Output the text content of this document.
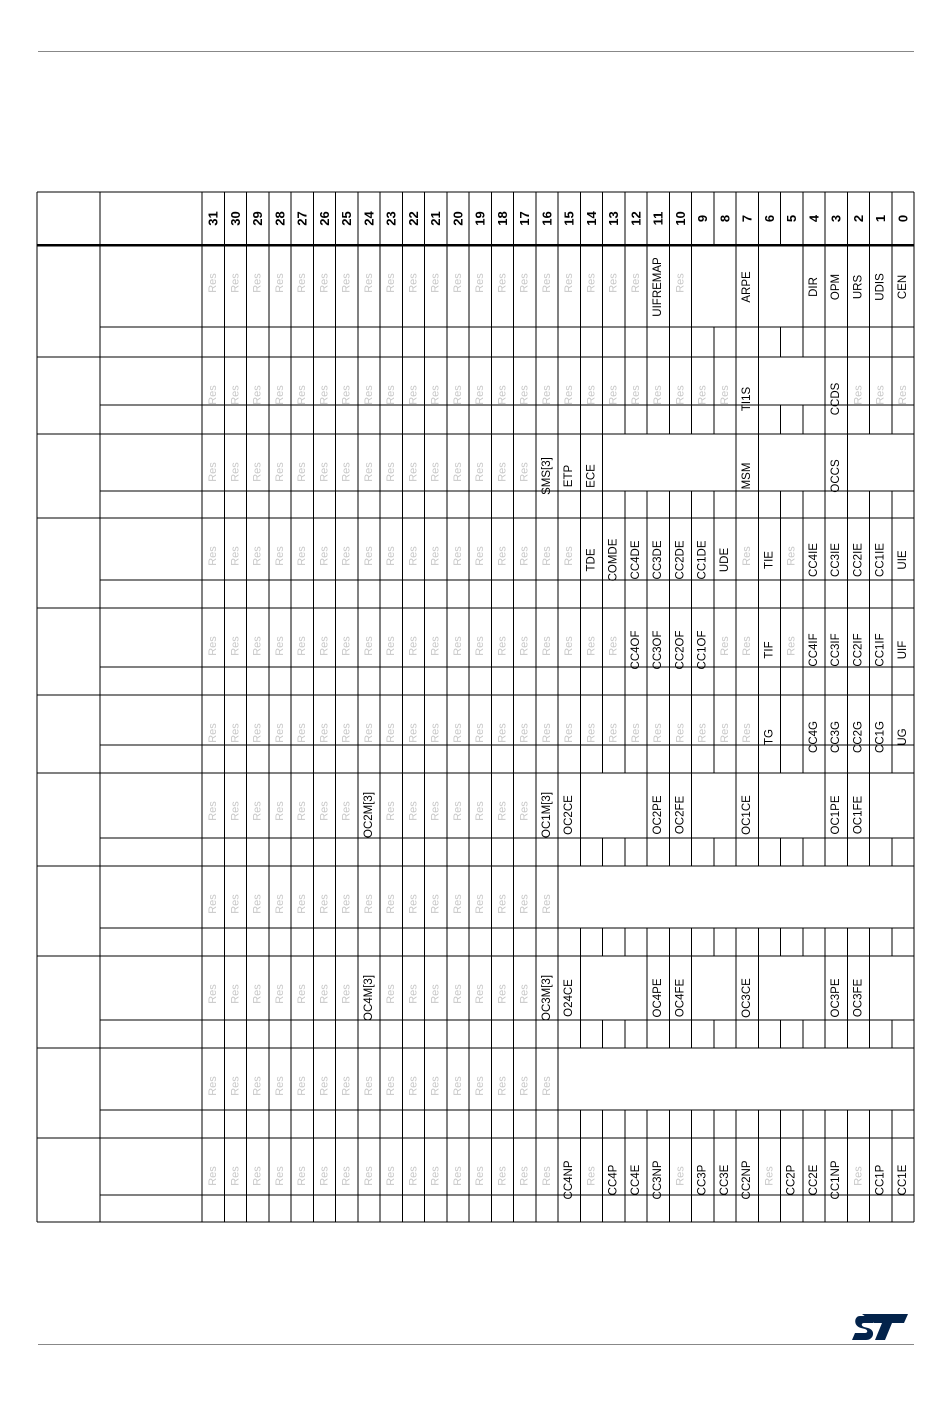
31 30 29 28 27 26 25 24 23 22 21 20 19 18 17 16 15 14 13 12 11 10 9 8 7 6 5 4 3 2 1 0
Res Res Res Res Res Res Res Res Res Res Res Res Res Res Res Res Res Res Res Res UIFREMAP Res	ARPE	DIR OPM URS UDIS CEN
Res Res Res Res Res Res Res Res Res Res Res Res Res Res Res Res Res Res Res Res Res Res Res Res TI1S	CCDS Res Res Res
Res Res Res Res Res Res Res Res Res Res Res Res Res Res Res SMS[3] ETP ECE	MSM	OCCS
Res Res Res Res Res Res Res Res Res Res Res Res Res Res Res Res Res TDE COMDE CC4DE CC3DE CC2DE CC1DE UDE Res TIE Res CC4IE CC3IE CC2IE CC1IE UIE
Res Res Res Res Res Res Res Res Res Res Res Res Res Res Res Res Res Res Res CC4OF CC3OF CC2OF CC1OF Res Res TIF Res CC4IF CC3IF CC2IF CC1IF UIF
Res Res Res Res Res Res Res Res Res Res Res Res Res Res Res Res Res Res Res Res Res Res Res Res Res TG	CC4G CC3G CC2G CC1G UG
Res Res Res Res Res Res Res OC2M[3] Res Res Res Res Res Res Res OC1M[3] OC2CE	OC2PE OC2FE	OC1CE	OC1PE OC1FE
Res Res Res Res Res Res Res Res Res Res Res Res Res Res Res Res
Res Res Res Res Res Res Res OC4M[3] Res Res Res Res Res Res Res OC3M[3] O24CE	OC4PE OC4FE	OC3CE	OC3PE OC3FE
Res Res Res Res Res Res Res Res Res Res Res Res Res Res Res Res
Res Res Res Res Res Res Res Res Res Res Res Res Res Res Res Res CC4NP Res CC4P CC4E CC3NP Res CC3P CC3E CC2NP Res CC2P CC2E CC1NP Res CC1P CC1E
